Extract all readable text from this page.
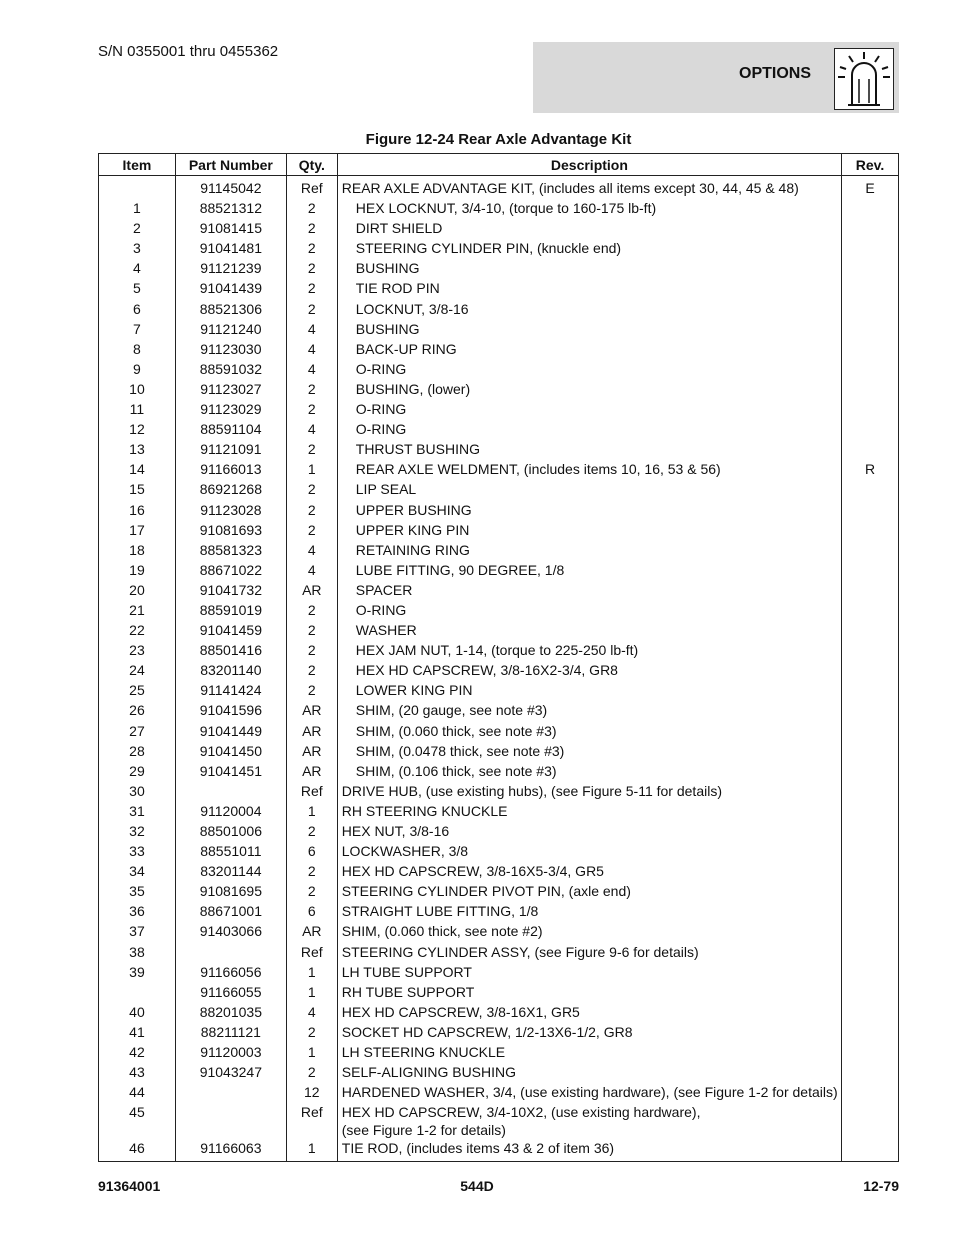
S/N 0355001 thru 0455362
OPTIONS
Figure 12-24 Rear Axle Advantage Kit
Item	Part Number	Qty.	Description	Rev.
	91145042	Ref	REAR AXLE ADVANTAGE KIT, (includes all items except 30, 44, 45 & 48)	E
1	88521312	2	HEX LOCKNUT, 3/4-10, (torque to 160-175 lb-ft)	
2	91081415	2	DIRT SHIELD	
3	91041481	2	STEERING CYLINDER PIN, (knuckle end)	
4	91121239	2	BUSHING	
5	91041439	2	TIE ROD PIN	
6	88521306	2	LOCKNUT, 3/8-16	
7	91121240	4	BUSHING	
8	91123030	4	BACK-UP RING	
9	88591032	4	O-RING	
10	91123027	2	BUSHING, (lower)	
11	91123029	2	O-RING	
12	88591104	4	O-RING	
13	91121091	2	THRUST BUSHING	
14	91166013	1	REAR AXLE WELDMENT, (includes items 10, 16, 53 & 56)	R
15	86921268	2	LIP SEAL	
16	91123028	2	UPPER BUSHING	
17	91081693	2	UPPER KING PIN	
18	88581323	4	RETAINING RING	
19	88671022	4	LUBE FITTING, 90 DEGREE, 1/8	
20	91041732	AR	SPACER	
21	88591019	2	O-RING	
22	91041459	2	WASHER	
23	88501416	2	HEX JAM NUT, 1-14, (torque to 225-250 lb-ft)	
24	83201140	2	HEX HD CAPSCREW, 3/8-16X2-3/4, GR8	
25	91141424	2	LOWER KING PIN	
26	91041596	AR	SHIM, (20 gauge, see note #3)	
27	91041449	AR	SHIM, (0.060 thick, see note #3)	
28	91041450	AR	SHIM, (0.0478 thick, see note #3)	
29	91041451	AR	SHIM, (0.106 thick, see note #3)	
30		Ref	DRIVE HUB, (use existing hubs), (see Figure 5-11 for details)	
31	91120004	1	RH STEERING KNUCKLE	
32	88501006	2	HEX NUT, 3/8-16	
33	88551011	6	LOCKWASHER, 3/8	
34	83201144	2	HEX HD CAPSCREW, 3/8-16X5-3/4, GR5	
35	91081695	2	STEERING CYLINDER PIVOT PIN, (axle end)	
36	88671001	6	STRAIGHT LUBE FITTING, 1/8	
37	91403066	AR	SHIM, (0.060 thick, see note #2)	
38		Ref	STEERING CYLINDER ASSY, (see Figure 9-6 for details)	
39	91166056	1	LH TUBE SUPPORT	
	91166055	1	RH TUBE SUPPORT	
40	88201035	4	HEX HD CAPSCREW, 3/8-16X1, GR5	
41	88211121	2	SOCKET HD CAPSCREW, 1/2-13X6-1/2, GR8	
42	91120003	1	LH STEERING KNUCKLE	
43	91043247	2	SELF-ALIGNING BUSHING	
44		12	HARDENED WASHER, 3/4, (use existing hardware), (see Figure 1-2 for details)	
45		Ref	HEX HD CAPSCREW, 3/4-10X2, (use existing hardware),
(see Figure 1-2 for details)	

46	91166063	1	TIE ROD, (includes items 43 & 2 of item 36)	
91364001	544D	12-79
